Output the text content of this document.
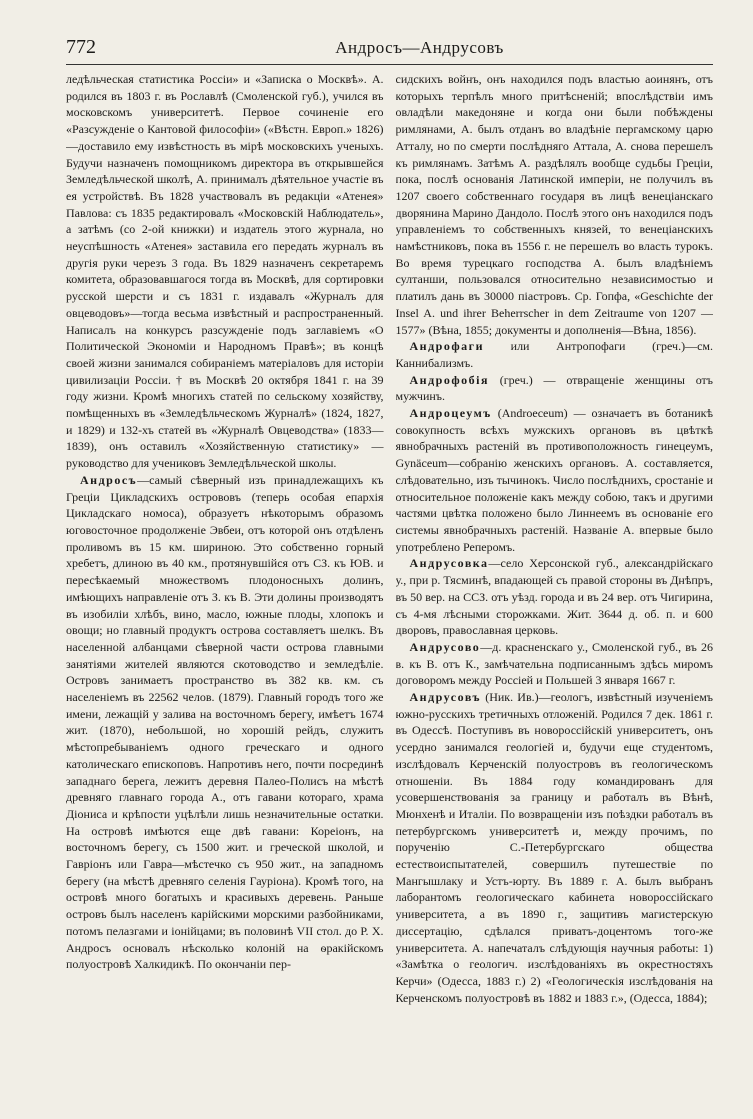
772	Андросъ—Андрусовъ

ледѣльческая статистика Россіи» и «Записка о Москвѣ». А. родился въ 1803 г. въ Рославлѣ (Смоленской губ.), учился въ московскомъ университетѣ. Первое сочиненіе его «Разсужденіе о Кантовой философіи» («Вѣстн. Европ.» 1826)—доставило ему извѣстность въ мірѣ московскихъ ученыхъ. Будучи назначенъ помощникомъ директора въ открывшейся Земледѣльческой школѣ, А. принималъ дѣятельное участіе въ ея устройствѣ. Въ 1828 участвовалъ въ редакціи «Атенея» Павлова: съ 1835 редактировалъ «Московскій Наблюдатель», а затѣмъ (со 2-ой книжки) и издатель этого журнала, но неуспѣшность «Атенея» заставила его передать журналъ въ другія руки черезъ 3 года. Въ 1829 назначенъ секретаремъ комитета, образовавшагося тогда въ Москвѣ, для сортировки русской шерсти и съ 1831 г. издавалъ «Журналъ для овцеводовъ»—тогда весьма извѣстный и распространенный. Написалъ на конкурсъ разсужденіе подъ заглавіемъ «О Политической Экономіи и Народномъ Правѣ»; въ концѣ своей жизни занимался собираніемъ матеріаловъ для исторіи цивилизаціи Россіи. † въ Москвѣ 20 октября 1841 г. на 39 году жизни. Кромѣ многихъ статей по сельскому хозяйству, помѣщенныхъ въ «Земледѣльческомъ Журналѣ» (1824, 1827, и 1829) и 132-хъ статей въ «Журналѣ Овцеводства» (1833—1839), онъ оставилъ «Хозяйственную статистику» — руководство для учениковъ Земледѣльческой школы.

Андросъ—самый сѣверный изъ принадлежащихъ къ Греціи Цикладскихъ острововъ (теперь особая епархія Цикладскаго номоса), образуетъ нѣкоторымъ образомъ юговосточное продолженіе Эвбеи, отъ которой онъ отдѣленъ проливомъ въ 15 км. шириною. Это собственно горный хребетъ, длиною въ 40 км., протянувшійся отъ СЗ. къ ЮВ. и пересѣкаемый множествомъ плодоносныхъ долинъ, имѣющихъ направленіе отъ З. къ В. Эти долины производятъ въ изобиліи хлѣбъ, вино, масло, южные плоды, хлопокъ и овощи; но главный продуктъ острова составляетъ шелкъ. Въ населенной албанцами сѣверной части острова главными занятіями жителей являются скотоводство и земледѣліе. Островъ занимаетъ пространство въ 382 кв. км. съ населеніемъ въ 22562 челов. (1879). Главный городъ того же имени, лежащій у залива на восточномъ берегу, имѣетъ 1674 жит. (1870), небольшой, но хорошій рейдъ, служитъ мѣстопребываніемъ одного греческаго и одного католическаго епископовъ. Напротивъ него, почти посрединѣ западнаго берега, лежитъ деревня Палео-Полисъ на мѣстѣ древняго главнаго города А., отъ гавани котораго, храма Діониса и крѣпости уцѣлѣли лишь незначительные остатки. На островѣ имѣются еще двѣ гавани: Кореіонъ, на восточномъ берегу, съ 1500 жит. и греческой школой, и Гавріонъ или Гавра—мѣстечко съ 950 жит., на западномъ берегу (на мѣстѣ древняго селенія Гауріона). Кромѣ того, на островѣ много богатыхъ и красивыхъ деревень. Раньше островъ былъ населенъ карійскими морскими разбойниками, потомъ пелазгами и іонійцами; въ половинѣ VII стол. до Р. Х. Андросъ основалъ нѣсколько колоній на ѳракійскомъ полуостровѣ Халкидикѣ. По окончаніи пер-

сидскихъ войнъ, онъ находился подъ властью аоинянъ, отъ которыхъ терпѣлъ много притѣсненій; впослѣдствіи имъ овладѣли македоняне и когда они были побѣждены римлянами, А. былъ отданъ во владѣніе пергамскому царю Атталу, но по смерти послѣдняго Аттала, А. снова перешелъ къ римлянамъ. Затѣмъ А. раздѣлялъ вообще судьбы Греціи, пока, послѣ основанія Латинской имперіи, не получилъ въ 1207 своего собственнаго государя въ лицѣ венеціанскаго дворянина Марино Дандоло. Послѣ этого онъ находился подъ управленіемъ то собственныхъ князей, то венеціанскихъ намѣстниковъ, пока въ 1556 г. не перешелъ во власть турокъ. Во время турецкаго господства А. былъ владѣніемъ султанши, пользовался относительно независимостью и платилъ дань въ 30000 піастровъ. Ср. Гопфа, «Geschichte der Insel A. und ihrer Beherrscher in dem Zeitraume von 1207 — 1577» (Вѣна, 1855; документы и дополненія—Вѣна, 1856).

Андрофаги или Антропофаги (греч.)—см. Каннибализмъ.

Андрофобія (греч.) — отвращеніе женщины отъ мужчинъ.

Андроцеумъ (Androecеum) — означаетъ въ ботаникѣ совокупность всѣхъ мужскихъ органовъ въ цвѣткѣ явнобрачныхъ растеній въ противоположность гинецеумъ, Gynäceum—собранію женскихъ органовъ. А. составляется, слѣдовательно, изъ тычинокъ. Число послѣднихъ, сростаніе и относительное положеніе какъ между собою, такъ и другими частями цвѣтка положено было Линнеемъ въ основаніе его системы явнобрачныхъ растеній. Названіе А. впервые было употреблено Реперомъ.

Андрусовка—село Херсонской губ., александрійскаго у., при р. Тясминѣ, впадающей съ правой стороны въ Днѣпръ, въ 50 вер. на ССЗ. отъ уѣзд. города и въ 24 вер. отъ Чигирина, съ 4-мя лѣсными сторожками. Жит. 3644 д. об. п. и 600 дворовъ, православная церковь.

Андрусово—д. красненскаго у., Смоленской губ., въ 26 в. къ В. отъ К., замѣчательна подписаннымъ здѣсь миромъ договоромъ между Россіей и Польшей 3 января 1667 г.

Андрусовъ (Ник. Ив.)—геологъ, извѣстный изученіемъ южно-русскихъ третичныхъ отложеній. Родился 7 дек. 1861 г. въ Одессѣ. Поступивъ въ новороссійскій университетъ, онъ усердно занимался геологіей и, будучи еще студентомъ, изслѣдовалъ Керченскій полуостровъ въ геологическомъ отношеніи. Въ 1884 году командированъ для усовершенствованія за границу и работалъ въ Вѣнѣ, Мюнхенѣ и Италіи. По возвращеніи изъ поѣздки работалъ въ петербургскомъ университетѣ и, между прочимъ, по порученію С.-Петербургскаго общества естествоиспытателей, совершилъ путешествіе по Мангышлаку и Устъ-юрту. Въ 1889 г. А. былъ выбранъ лаборантомъ геологическаго кабинета новороссійскаго университета, а въ 1890 г., защитивъ магистерскую диссертацію, сдѣлался приватъ-доцентомъ того-же университета. А. напечаталъ слѣдующія научныя работы: 1) «Замѣтка о геологич. изслѣдованіяхъ въ окрестностяхъ Керчи» (Одесса, 1883 г.) 2) «Геологическія изслѣдованія на Керченскомъ полуостровѣ въ 1882 и 1883 г.», (Одесса, 1884);
